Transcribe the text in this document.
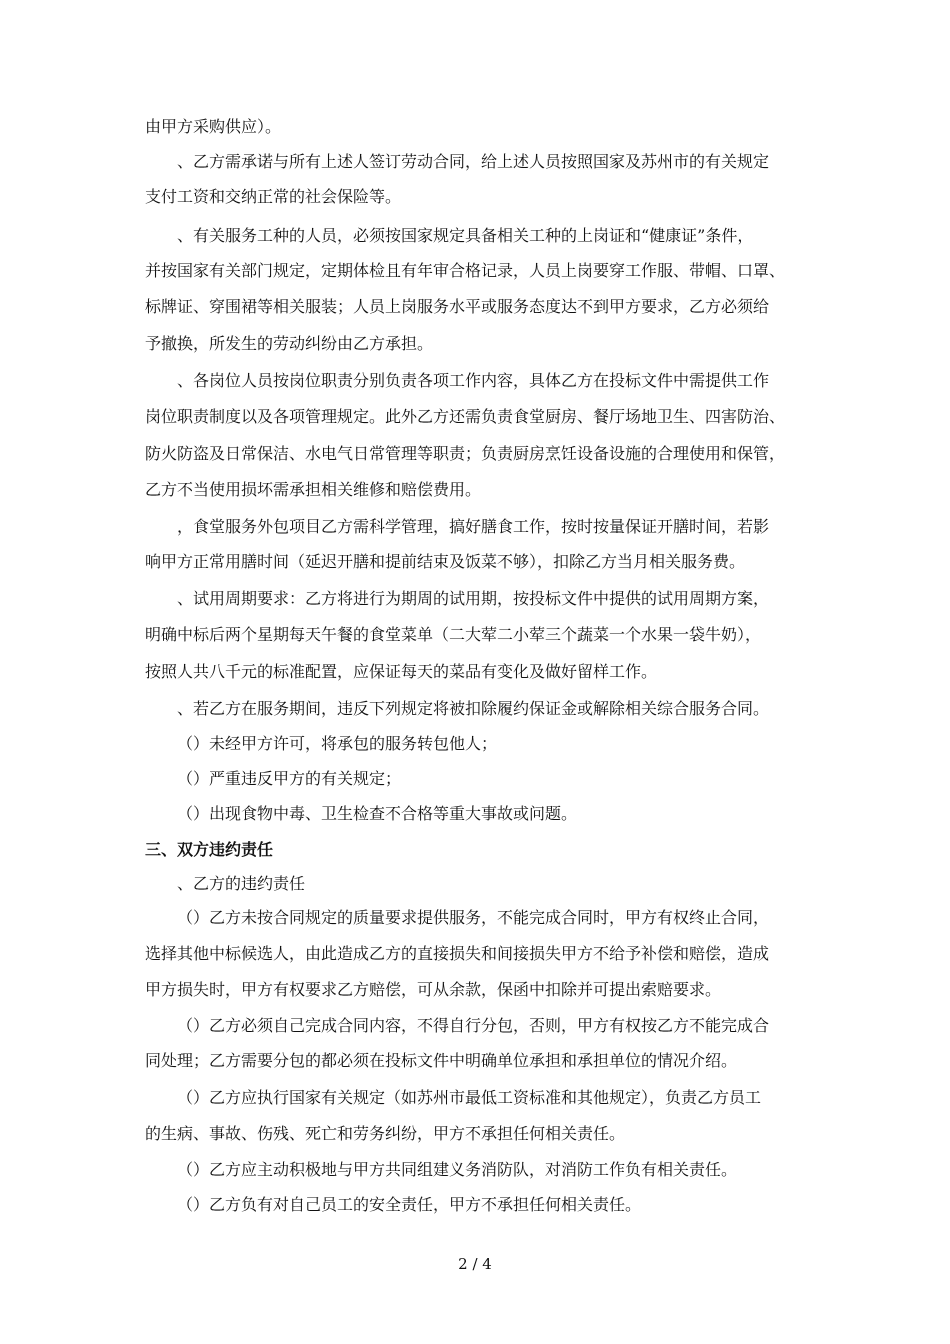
由甲方采购供应）。
、乙方需承诺与所有上述人签订劳动合同，给上述人员按照国家及苏州市的有关规定
支付工资和交纳正常的社会保险等。
、有关服务工种的人员，必须按国家规定具备相关工种的上岗证和“健康证”条件，
并按国家有关部门规定，定期体检且有年审合格记录，人员上岗要穿工作服、带帽、口罩、
标牌证、穿围裙等相关服装；人员上岗服务水平或服务态度达不到甲方要求，乙方必须给
予撤换，所发生的劳动纠纷由乙方承担。
、各岗位人员按岗位职责分别负责各项工作内容，具体乙方在投标文件中需提供工作
岗位职责制度以及各项管理规定。此外乙方还需负责食堂厨房、餐厅场地卫生、四害防治、
防火防盗及日常保洁、水电气日常管理等职责；负责厨房烹饪设备设施的合理使用和保管，
乙方不当使用损坏需承担相关维修和赔偿费用。
，食堂服务外包项目乙方需科学管理，搞好膳食工作，按时按量保证开膳时间，若影
响甲方正常用膳时间（延迟开膳和提前结束及饭菜不够），扣除乙方当月相关服务费。
、试用周期要求：乙方将进行为期周的试用期，按投标文件中提供的试用周期方案，
明确中标后两个星期每天午餐的食堂菜单（二大荤二小荤三个蔬菜一个水果一袋牛奶），
按照人共八千元的标准配置，应保证每天的菜品有变化及做好留样工作。
、若乙方在服务期间，违反下列规定将被扣除履约保证金或解除相关综合服务合同。
（）未经甲方许可，将承包的服务转包他人；
（）严重违反甲方的有关规定；
（）出现食物中毒、卫生检查不合格等重大事故或问题。
三、双方违约责任
、乙方的违约责任
（）乙方未按合同规定的质量要求提供服务，不能完成合同时，甲方有权终止合同，
选择其他中标候选人，由此造成乙方的直接损失和间接损失甲方不给予补偿和赔偿，造成
甲方损失时，甲方有权要求乙方赔偿，可从余款，保函中扣除并可提出索赔要求。
（）乙方必须自己完成合同内容，不得自行分包，否则，甲方有权按乙方不能完成合
同处理；乙方需要分包的都必须在投标文件中明确单位承担和承担单位的情况介绍。
（）乙方应执行国家有关规定（如苏州市最低工资标准和其他规定），负责乙方员工
的生病、事故、伤残、死亡和劳务纠纷，甲方不承担任何相关责任。
（）乙方应主动积极地与甲方共同组建义务消防队，对消防工作负有相关责任。
（）乙方负有对自己员工的安全责任，甲方不承担任何相关责任。
2 / 4
